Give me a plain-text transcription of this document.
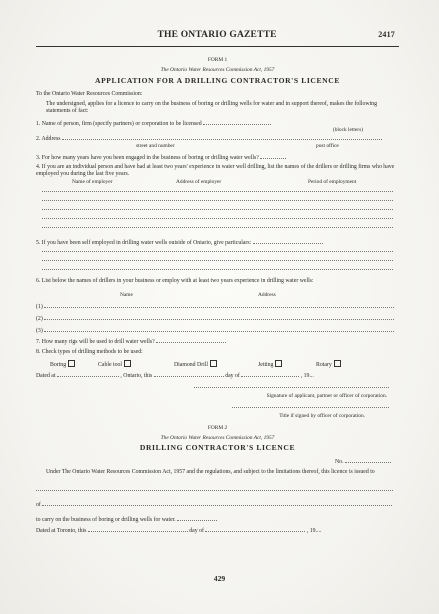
THE ONTARIO GAZETTE	2417
FORM 1
The Ontario Water Resources Commission Act, 1957
APPLICATION FOR A DRILLING CONTRACTOR'S LICENCE
To the Ontario Water Resources Commission:
The undersigned, applies for a licence to carry on the business of boring or drilling wells for water and in support thereof, makes the following statements of fact:
1. Name of person, firm (specify partners) or corporation to be licensed
(block letters)
2. Address
street and number	post office
3. For how many years have you been engaged in the business of boring or drilling water wells?
4. If you are an individual person and have had at least two years' experience in water well drilling, list the names of the drillers or drilling firms who have employed you during the last five years.
Name of employer	Address of employer	Period of employment
5. If you have been self employed in drilling water wells outside of Ontario, give particulars:
6. List below the names of drillers in your business or employ with at least two years experience in drilling water wells:
Name	Address
(1)
(2)
(3)
7. How many rigs will be used to drill water wells?
8. Check types of drilling methods to be used:
Boring	Cable tool	Diamond Drill	Jetting	Rotary
Dated at	, Ontario, this	day of	, 19...
Signature of applicant, partner or officer of corporation.
Title if signed by officer of corporation.
FORM 2
The Ontario Water Resources Commission Act, 1957
DRILLING CONTRACTOR'S LICENCE
No.
Under The Ontario Water Resources Commission Act, 1957 and the regulations, and subject to the limitations thereof, this licence is issued to
of
to carry on the business of boring or drilling wells for water.
Dated at Toronto, this	day of	, 19....
429
